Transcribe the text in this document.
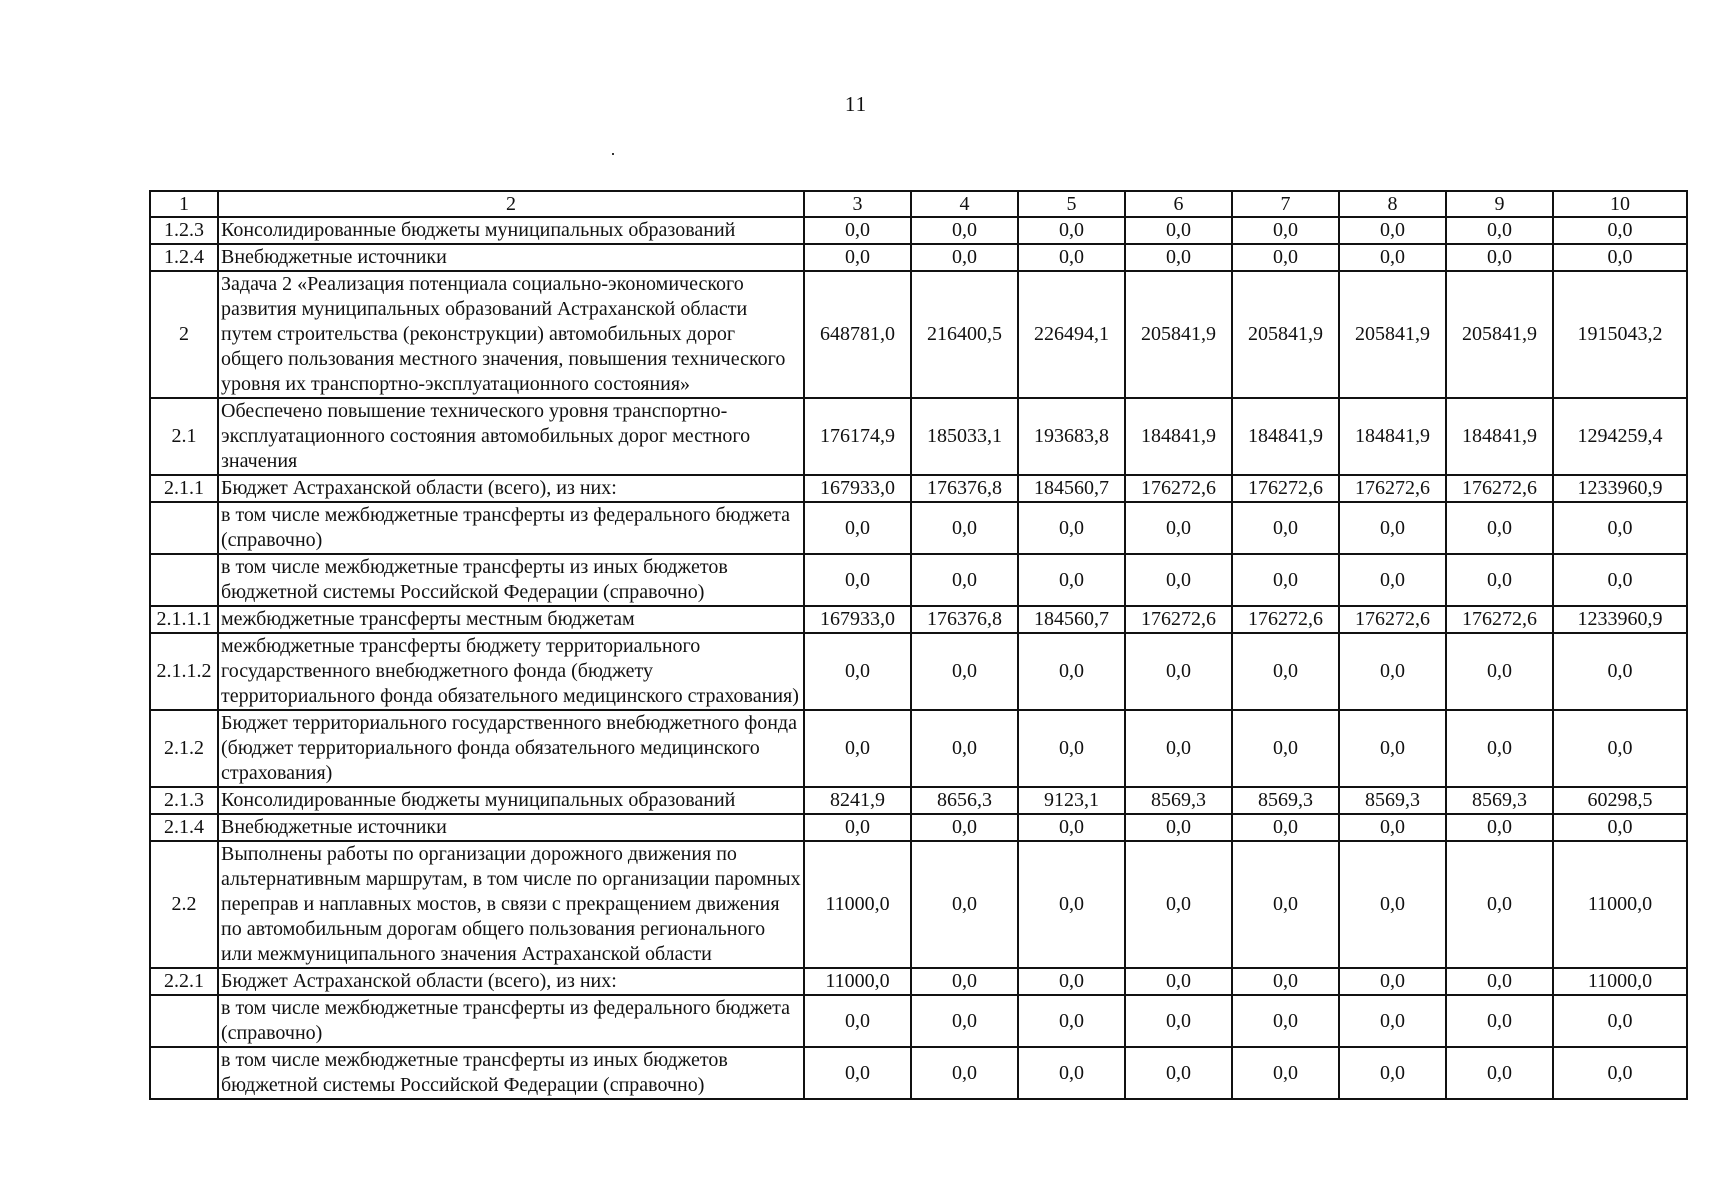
11
1	2	3	4	5	6	7	8	9	10
1.2.3	Консолидированные бюджеты муниципальных образований	0,0	0,0	0,0	0,0	0,0	0,0	0,0	0,0
1.2.4	Внебюджетные источники	0,0	0,0	0,0	0,0	0,0	0,0	0,0	0,0
2	Задача 2 «Реализация потенциала социально-экономического развития муниципальных образований Астраханской области путем строительства (реконструкции) автомобильных дорог общего пользования местного значения, повышения технического уровня их транспортно-эксплуатационного состояния»	648781,0	216400,5	226494,1	205841,9	205841,9	205841,9	205841,9	1915043,2
2.1	Обеспечено повышение технического уровня транспортно-эксплуатационного состояния автомобильных дорог местного значения	176174,9	185033,1	193683,8	184841,9	184841,9	184841,9	184841,9	1294259,4
2.1.1	Бюджет Астраханской области (всего), из них:	167933,0	176376,8	184560,7	176272,6	176272,6	176272,6	176272,6	1233960,9
	в том числе межбюджетные трансферты из федерального бюджета (справочно)	0,0	0,0	0,0	0,0	0,0	0,0	0,0	0,0
	в том числе межбюджетные трансферты из иных бюджетов бюджетной системы Российской Федерации (справочно)	0,0	0,0	0,0	0,0	0,0	0,0	0,0	0,0
2.1.1.1	межбюджетные трансферты местным бюджетам	167933,0	176376,8	184560,7	176272,6	176272,6	176272,6	176272,6	1233960,9
2.1.1.2	межбюджетные трансферты бюджету территориального государственного внебюджетного фонда (бюджету территориального фонда обязательного медицинского страхования)	0,0	0,0	0,0	0,0	0,0	0,0	0,0	0,0
2.1.2	Бюджет территориального государственного внебюджетного фонда (бюджет территориального фонда обязательного медицинского страхования)	0,0	0,0	0,0	0,0	0,0	0,0	0,0	0,0
2.1.3	Консолидированные бюджеты муниципальных образований	8241,9	8656,3	9123,1	8569,3	8569,3	8569,3	8569,3	60298,5
2.1.4	Внебюджетные источники	0,0	0,0	0,0	0,0	0,0	0,0	0,0	0,0
2.2	Выполнены работы по организации дорожного движения по альтернативным маршрутам, в том числе по организации паромных переправ и наплавных мостов, в связи с прекращением движения по автомобильным дорогам общего пользования регионального или межмуниципального значения Астраханской области	11000,0	0,0	0,0	0,0	0,0	0,0	0,0	11000,0
2.2.1	Бюджет Астраханской области (всего), из них:	11000,0	0,0	0,0	0,0	0,0	0,0	0,0	11000,0
	в том числе межбюджетные трансферты из федерального бюджета (справочно)	0,0	0,0	0,0	0,0	0,0	0,0	0,0	0,0
	в том числе межбюджетные трансферты из иных бюджетов бюджетной системы Российской Федерации (справочно)	0,0	0,0	0,0	0,0	0,0	0,0	0,0	0,0
